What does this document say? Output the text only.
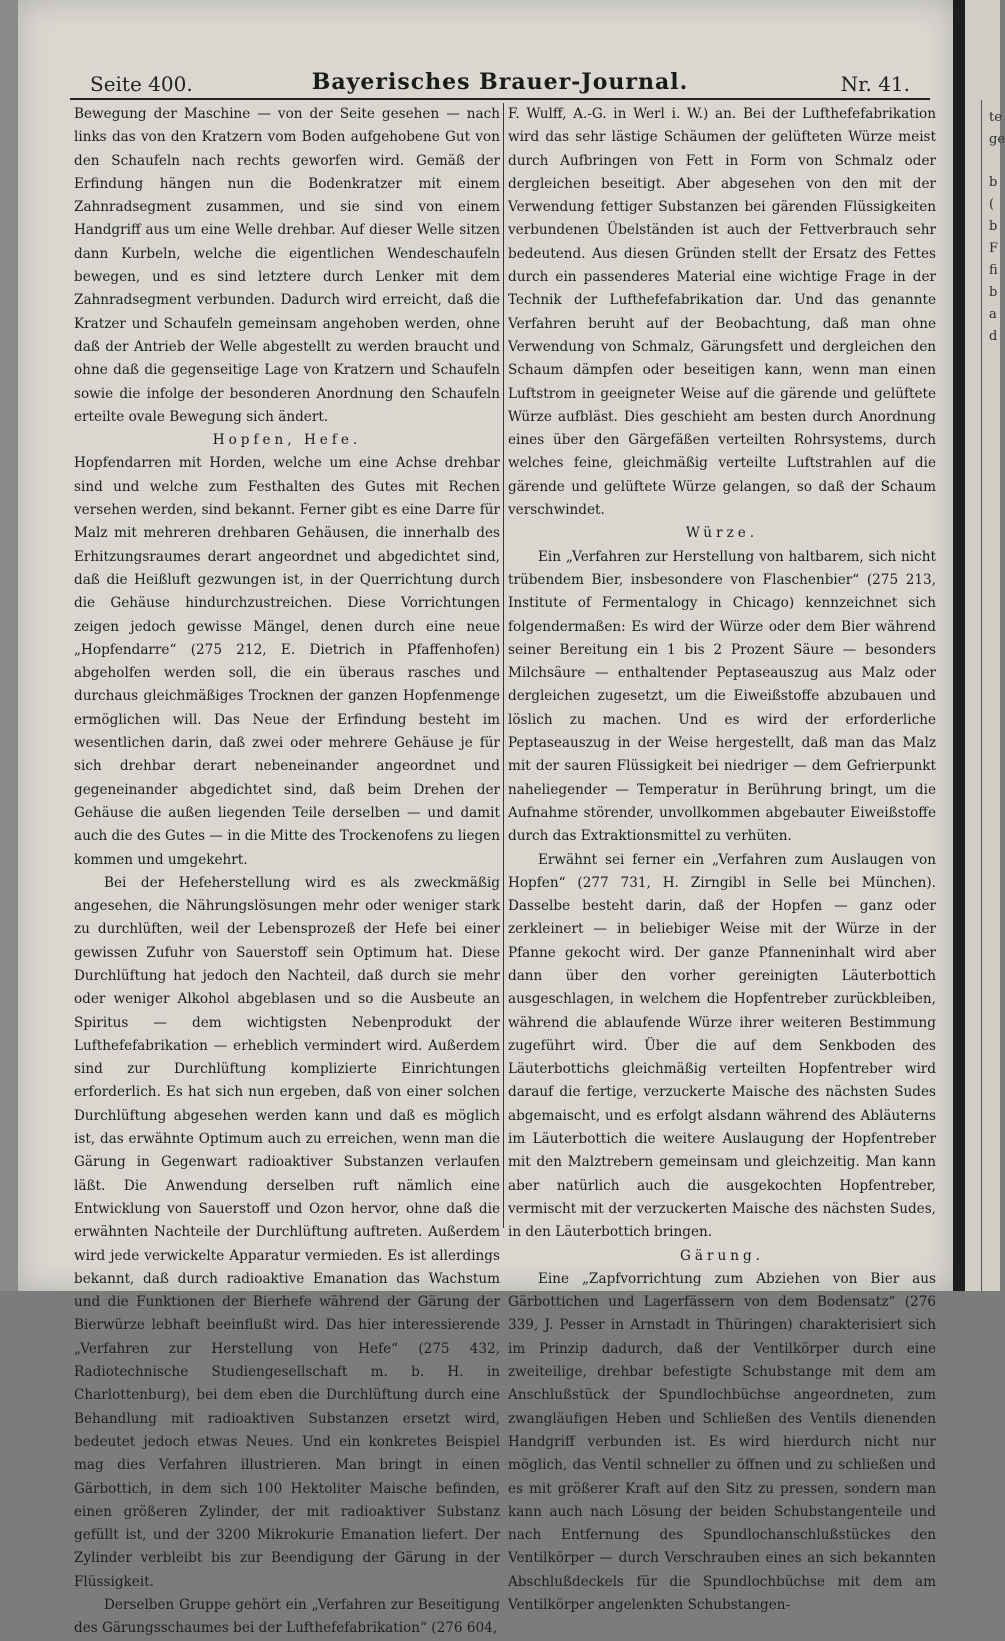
Seite 400.	Bayerisches Brauer-Journal.	Nr. 41.

Bewegung der Maschine — von der Seite gesehen — nach links das von den Kratzern vom Boden aufgehobene Gut von den Schaufeln nach rechts geworfen wird. Gemäß der Erfindung hängen nun die Bodenkratzer mit einem Zahnradsegment zusammen, und sie sind von einem Handgriff aus um eine Welle drehbar. Auf dieser Welle sitzen dann Kurbeln, welche die eigentlichen Wendeschaufeln bewegen, und es sind letztere durch Lenker mit dem Zahnradsegment verbunden. Dadurch wird erreicht, daß die Kratzer und Schaufeln gemeinsam angehoben werden, ohne daß der Antrieb der Welle abgestellt zu werden braucht und ohne daß die gegenseitige Lage von Kratzern und Schaufeln sowie die infolge der besonderen Anordnung den Schaufeln erteilte ovale Bewegung sich ändert.

Hopfen, Hefe.

Hopfendarren mit Horden, welche um eine Achse drehbar sind und welche zum Festhalten des Gutes mit Rechen versehen werden, sind bekannt. Ferner gibt es eine Darre für Malz mit mehreren drehbaren Gehäusen, die innerhalb des Erhitzungsraumes derart angeordnet und abgedichtet sind, daß die Heißluft gezwungen ist, in der Querrichtung durch die Gehäuse hindurchzustreichen. Diese Vorrichtungen zeigen jedoch gewisse Mängel, denen durch eine neue „Hopfendarre“ (275 212, E. Dietrich in Pfaffenhofen) abgeholfen werden soll, die ein überaus rasches und durchaus gleichmäßiges Trocknen der ganzen Hopfenmenge ermöglichen will. Das Neue der Erfindung besteht im wesentlichen darin, daß zwei oder mehrere Gehäuse je für sich drehbar derart nebeneinander angeordnet und gegeneinander abgedichtet sind, daß beim Drehen der Gehäuse die außen liegenden Teile derselben — und damit auch die des Gutes — in die Mitte des Trockenofens zu liegen kommen und umgekehrt.

Bei der Hefeherstellung wird es als zweckmäßig angesehen, die Nährungslösungen mehr oder weniger stark zu durchlüften, weil der Lebensprozeß der Hefe bei einer gewissen Zufuhr von Sauerstoff sein Optimum hat. Diese Durchlüftung hat jedoch den Nachteil, daß durch sie mehr oder weniger Alkohol abgeblasen und so die Ausbeute an Spiritus — dem wichtigsten Nebenprodukt der Lufthefefabrikation — erheblich vermindert wird. Außerdem sind zur Durchlüftung komplizierte Einrichtungen erforderlich. Es hat sich nun ergeben, daß von einer solchen Durchlüftung abgesehen werden kann und daß es möglich ist, das erwähnte Optimum auch zu erreichen, wenn man die Gärung in Gegenwart radioaktiver Substanzen verlaufen läßt. Die Anwendung derselben ruft nämlich eine Entwicklung von Sauerstoff und Ozon hervor, ohne daß die erwähnten Nachteile der Durchlüftung auftreten. Außerdem wird jede verwickelte Apparatur vermieden. Es ist allerdings bekannt, daß durch radioaktive Emanation das Wachstum und die Funktionen der Bierhefe während der Gärung der Bierwürze lebhaft beeinflußt wird. Das hier interessierende „Verfahren zur Herstellung von Hefe“ (275 432, Radiotechnische Studiengesellschaft m. b. H. in Charlottenburg), bei dem eben die Durchlüftung durch eine Behandlung mit radioaktiven Substanzen ersetzt wird, bedeutet jedoch etwas Neues. Und ein konkretes Beispiel mag dies Verfahren illustrieren. Man bringt in einen Gärbottich, in dem sich 100 Hektoliter Maische befinden, einen größeren Zylinder, der mit radioaktiver Substanz gefüllt ist, und der 3200 Mikrokurie Emanation liefert. Der Zylinder verbleibt bis zur Beendigung der Gärung in der Flüssigkeit.

Derselben Gruppe gehört ein „Verfahren zur Beseitigung des Gärungsschaumes bei der Lufthefefabrikation“ (276 604,

F. Wulff, A.-G. in Werl i. W.) an. Bei der Lufthefefabrikation wird das sehr lästige Schäumen der gelüfteten Würze meist durch Aufbringen von Fett in Form von Schmalz oder dergleichen beseitigt. Aber abgesehen von den mit der Verwendung fettiger Substanzen bei gärenden Flüssigkeiten verbundenen Übelständen ist auch der Fettverbrauch sehr bedeutend. Aus diesen Gründen stellt der Ersatz des Fettes durch ein passenderes Material eine wichtige Frage in der Technik der Lufthefefabrikation dar. Und das genannte Verfahren beruht auf der Beobachtung, daß man ohne Verwendung von Schmalz, Gärungsfett und dergleichen den Schaum dämpfen oder beseitigen kann, wenn man einen Luftstrom in geeigneter Weise auf die gärende und gelüftete Würze aufbläst. Dies geschieht am besten durch Anordnung eines über den Gärgefäßen verteilten Rohrsystems, durch welches feine, gleichmäßig verteilte Luftstrahlen auf die gärende und gelüftete Würze gelangen, so daß der Schaum verschwindet.

Würze.

Ein „Verfahren zur Herstellung von haltbarem, sich nicht trübendem Bier, insbesondere von Flaschenbier“ (275 213, Institute of Fermentalogy in Chicago) kennzeichnet sich folgendermaßen: Es wird der Würze oder dem Bier während seiner Bereitung ein 1 bis 2 Prozent Säure — besonders Milchsäure — enthaltender Peptaseauszug aus Malz oder dergleichen zugesetzt, um die Eiweißstoffe abzubauen und löslich zu machen. Und es wird der erforderliche Peptaseauszug in der Weise hergestellt, daß man das Malz mit der sauren Flüssigkeit bei niedriger — dem Gefrierpunkt naheliegender — Temperatur in Berührung bringt, um die Aufnahme störender, unvollkommen abgebauter Eiweißstoffe durch das Extraktionsmittel zu verhüten.

Erwähnt sei ferner ein „Verfahren zum Auslaugen von Hopfen“ (277 731, H. Zirngibl in Selle bei München). Dasselbe besteht darin, daß der Hopfen — ganz oder zerkleinert — in beliebiger Weise mit der Würze in der Pfanne gekocht wird. Der ganze Pfanneninhalt wird aber dann über den vorher gereinigten Läuterbottich ausgeschlagen, in welchem die Hopfentreber zurückbleiben, während die ablaufende Würze ihrer weiteren Bestimmung zugeführt wird. Über die auf dem Senkboden des Läuterbottichs gleichmäßig verteilten Hopfentreber wird darauf die fertige, verzuckerte Maische des nächsten Sudes abgemaischt, und es erfolgt alsdann während des Abläuterns im Läuterbottich die weitere Auslaugung der Hopfentreber mit den Malztrebern gemeinsam und gleichzeitig. Man kann aber natürlich auch die ausgekochten Hopfentreber, vermischt mit der verzuckerten Maische des nächsten Sudes, in den Läuterbottich bringen.

Gärung.

Eine „Zapfvorrichtung zum Abziehen von Bier aus Gärbottichen und Lagerfässern von dem Bodensatz“ (276 339, J. Pesser in Arnstadt in Thüringen) charakterisiert sich im Prinzip dadurch, daß der Ventilkörper durch eine zweiteilige, drehbar befestigte Schubstange mit dem am Anschlußstück der Spundlochbüchse angeordneten, zum zwangläufigen Heben und Schließen des Ventils dienenden Handgriff verbunden ist. Es wird hierdurch nicht nur möglich, das Ventil schneller zu öffnen und zu schließen und es mit größerer Kraft auf den Sitz zu pressen, sondern man kann auch nach Lösung der beiden Schubstangenteile und nach Entfernung des Spundlochanschlußstückes den Ventilkörper — durch Verschrauben eines an sich bekannten Abschlußdeckels für die Spundlochbüchse mit dem am Ventilkörper angelenkten Schubstangen-

te
ge
b
(
b
F
fi
b
a
d
